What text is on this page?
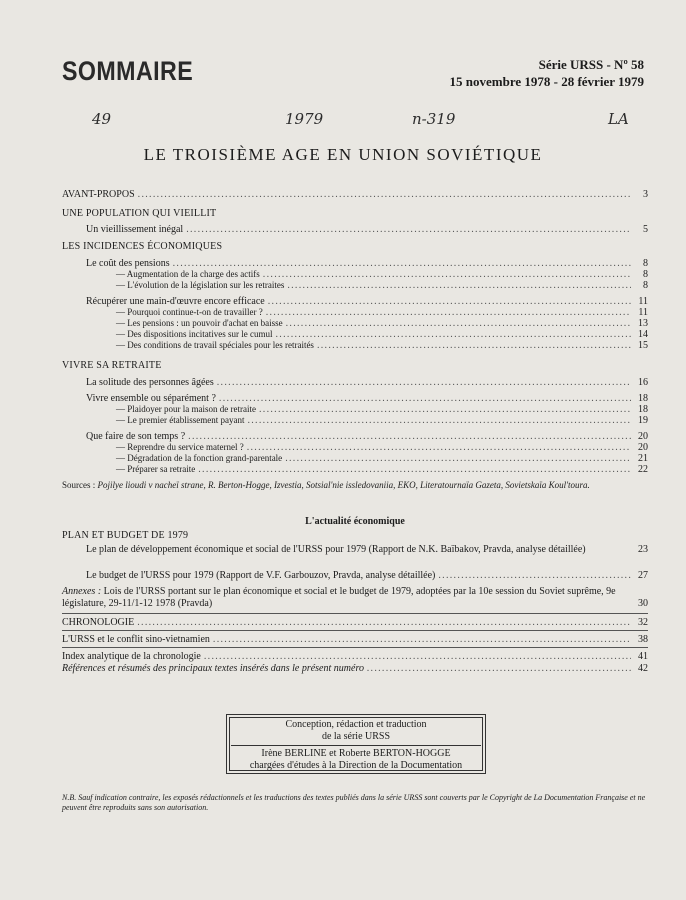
SOMMAIRE	Série URSS - Nº 58
15 novembre 1978 - 28 février 1979
49	1979	n-319	LA
LE TROISIÈME AGE EN UNION SOVIÉTIQUE
AVANT-PROPOS .....	3
UNE POPULATION QUI VIEILLIT
Un vieillissement inégal .....	5
LES INCIDENCES ÉCONOMIQUES
Le coût des pensions .....	8
— Augmentation de la charge des actifs .....	8
— L'évolution de la législation sur les retraites .....	8
Récupérer une main-d'œuvre encore efficace .....	11
— Pourquoi continue-t-on de travailler ? .....	11
— Les pensions : un pouvoir d'achat en baisse .....	13
— Des dispositions incitatives sur le cumul .....	14
— Des conditions de travail spéciales pour les retraités .....	15
VIVRE SA RETRAITE
La solitude des personnes âgées .....	16
Vivre ensemble ou séparément ? .....	18
— Plaidoyer pour la maison de retraite .....	18
— Le premier établissement payant .....	19
Que faire de son temps ? .....	20
— Reprendre du service maternel ? .....	20
— Dégradation de la fonction grand-parentale .....	21
— Préparer sa retraite .....	22
Sources : Pojilye lioudi v nacheï strane, R. Berton-Hogge, Izvestia, Sotsial'nie issledovaniia, EKO, Literatournaïa Gazeta, Sovietskaïa Koul'toura.
L'actualité économique
PLAN ET BUDGET DE 1979
Le plan de développement économique et social de l'URSS pour 1979 (Rapport de N.K. Baïbakov, Pravda, analyse détaillée)	23
Le budget de l'URSS pour 1979 (Rapport de V.F. Garbouzov, Pravda, analyse détaillée) .....	27
Annexes : Lois de l'URSS portant sur le plan économique et social et le budget de 1979, adoptées par la 10e session du Soviet suprême, 9e législature, 29-11/1-12 1978 (Pravda)	30
CHRONOLOGIE .....	32
L'URSS et le conflit sino-vietnamien .....	38
Index analytique de la chronologie .....	41
Références et résumés des principaux textes insérés dans le présent numéro .....	42
Conception, rédaction et traduction
de la série URSS
Irène BERLINE et Roberte BERTON-HOGGE
chargées d'études à la Direction de la Documentation
N.B. Sauf indication contraire, les exposés rédactionnels et les traductions des textes publiés dans la série URSS sont couverts par le Copyright de La Documentation Française et ne peuvent être reproduits sans son autorisation.
